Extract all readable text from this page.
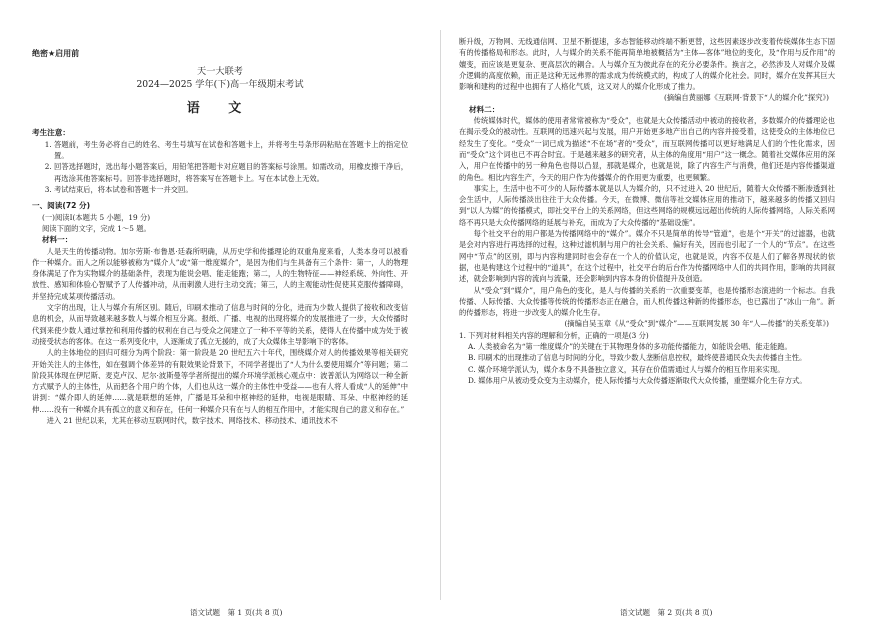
绝密★启用前
天一大联考
2024—2025 学年(下)高一年级期末考试
语 文
考生注意：
1. 答题前，考生务必将自己的姓名、考生号填写在试卷和答题卡上，并将考生号条形码粘贴在答题卡上的指定位置。
2. 回答选择题时，选出每小题答案后，用铅笔把答题卡对应题目的答案标号涂黑。如需改动，用橡皮擦干净后，再选涂其他答案标号。回答非选择题时，将答案写在答题卡上。写在本试卷上无效。
3. 考试结束后，将本试卷和答题卡一并交回。
一、阅读(72 分)

(一)阅读Ⅰ(本题共 5 小题，19 分)

阅读下面的文字，完成 1～5 题。

材料一：

人是天生的传播动物。加尔劳斯·布鲁恩·廷森所明确，从历史学和传播理论的双重角度来看，人类本身可以被看作一种媒介。而人之所以能够被称为“媒介人”或“第一维度媒介”，是因为他们与生具备有三个条件：第一，人的物理身体满足了作为实物媒介的基础条件，表现为能说会唱、能走能跑；第二，人的生物特征——神经系统、外向性、开放性、感知和体验心智赋予了人传播冲动，从而刺激人进行主动交流；第三，人的主观能动性促使其克服传播障碍，并坚持完成某项传播活动。

文字的出现，让人与媒介有所区别。随后，印刷术推动了信息与时间的分化，进而为少数人提供了接收和改变信息的机会，从而导致越来越多数人与媒介相互分离。报纸、广播、电视的出现将媒介的发展推进了一步，大众传播时代到来使少数人通过掌控和利用传播的权利在自己与受众之间建立了一种不平等的关系，使得人在传播中成为处于被动接受状态的客体。在这一系列变化中，人逐渐成了孤立无援的，成了大众媒体主导影响下的客体。

人的主体地位的回归可细分为两个阶段：第一阶段是 20 世纪五六十年代，围绕媒介对人的传播效果等相关研究开始关注人的主体性，如在强调个体差异的有限效果论背景下，不同学者提出了“人为什么要使用媒介”等问题；第二阶段其体现在伊尼斯、麦克卢汉、尼尔·波斯曼等学者所提出的媒介环境学派核心观点中：波普派认为网络以一种全新方式赋予人的主体性，从而把各个用户的个体，人们也从这一媒介的主体性中受益——也有人将人看成“人的延伸”中讲到：“媒介即人的延伸……就是联想的延伸，广播是耳朵和中枢神经的延伸，电视是眼睛、耳朵、中枢神经的延伸……没有一种媒介具有孤立的意义和存在，任何一种媒介只有在与人的相互作用中，才能实现自己的意义和存在。”

进入 21 世纪以来，尤其在移动互联网时代，数字技术、网络技术、移动技术、通讯技术不

断升级，万物网、无线通信网、卫星不断提速，多态智能移动终端不断更替，这些因素逐步改变着传统媒体生态下固有的传播格局和形态。此时，人与媒介的关系不能再简单地被概括为“主体—客体”地位的变化，及“作用与反作用”的嬗变，而应该是更复杂、更高层次的耦合。人与媒介互为彼此存在的充分必要条件。换言之，必然涉及人对媒介及媒介逻辑的高度依赖，而正是这种无远弗界的需求成为传统模式的，构成了人的媒介化社会。同时，媒介在发挥其巨大影响和建构的过程中也拥有了人格化气质，这又对人的媒介化形成了推力。

(摘编自黄丽娜《互联网·背景下“人的媒介化”探究》)

材料二：

传统媒体时代，媒体的使用者常常被称为“受众”，也就是大众传播活动中被动的接收者，多数媒介的传播理论也在揭示受众的被动性。互联网的迅速兴起与发展，用户开始更多地产出自己的内容并接受着，这使受众的主体地位已经发生了变化。“受众”一词已成为描述“不在场”者的“受众”，而互联网传播可以更好地满足人们的个性化需求，因而“受众”这个词也已不再合时宜。于是越来越多的研究者，从主体的角度用“用户”这一概念。随着社交媒体应用的深入，用户在传播中的另一种角色也得以凸显，那就是媒介，也就是说，除了内容生产与消费，他们还是内容传播渠道的角色。相比内容生产，今天的用户作为传播媒介的作用更为重要，也更频繁。

事实上，生活中也不可少的人际传播本就是以人为媒介的，只不过进入 20 世纪后，随着大众传播不断渗透到社会生活中，人际传播淡出往往于大众传播。今天，在微博、微信等社交媒体应用的推动下，越来越多的传播又回归到“以人为媒”的传播模式，即社交平台上的关系网络，但这些网络的规模远远超出传统的人际传播网络，人际关系网络不再只是大众传播网络的延展与补充，而成为了大众传播的“基础设施”。

每个社交平台的用户都是为传播网络中的“媒介”。媒介不只是简单的传导“管道”，也是个“开关”的过滤器，也就是会对内容进行再选择的过程，这种过滤机制与用户的社会关系、偏好有关，因而也引起了一个人的“节点”。在这些网中“节点”的区别，即与内容构建同时也会存在一个人的价值认定，也就是说，内容不仅是人们了解各界现状的依据，也是构建这个过程中的“道具”，在这个过程中，社交平台的后台作为传播网络中人们的共同作用，影响的共同叙述，就会影响到内容的流向与流量，还会影响到内容本身的价值提升及创造。

从“受众”到“媒介”，用户角色的变化，是人与传播的关系的一次重要变革，也是传播形态演进的一个标志。自我传播、人际传播、大众传播等传统的传播形态正在融合，而人机传播这种新的传播形态，也已露出了“冰山一角”。新的传播形态，将进一步改变人的媒介化生存。

(摘编自吴玉章《从“受众”到“媒介”——互联网发展 30 年“人—传播”的关系变革》)

1. 下列对材料相关内容的理解和分析，正确的一项是(3 分)

A. 人类被命名为“第一维度媒介”的关键在于其物理身体的多功能传播能力，如能说会唱、能走能跑。

B. 印刷术的出现推动了信息与时间的分化，导致少数人垄断信息控权，最终使普通民众失去传播自主性。

C. 媒介环境学派认为，媒介本身不具备独立意义，其存在价值需通过人与媒介的相互作用来实现。

D. 媒体用户从被动受众变为主动媒介，使人际传播与大众传播逐渐取代大众传播，重塑媒介化生存方式。

语文试题　第 1 页(共 8 页)	语文试题　第 2 页(共 8 页)
